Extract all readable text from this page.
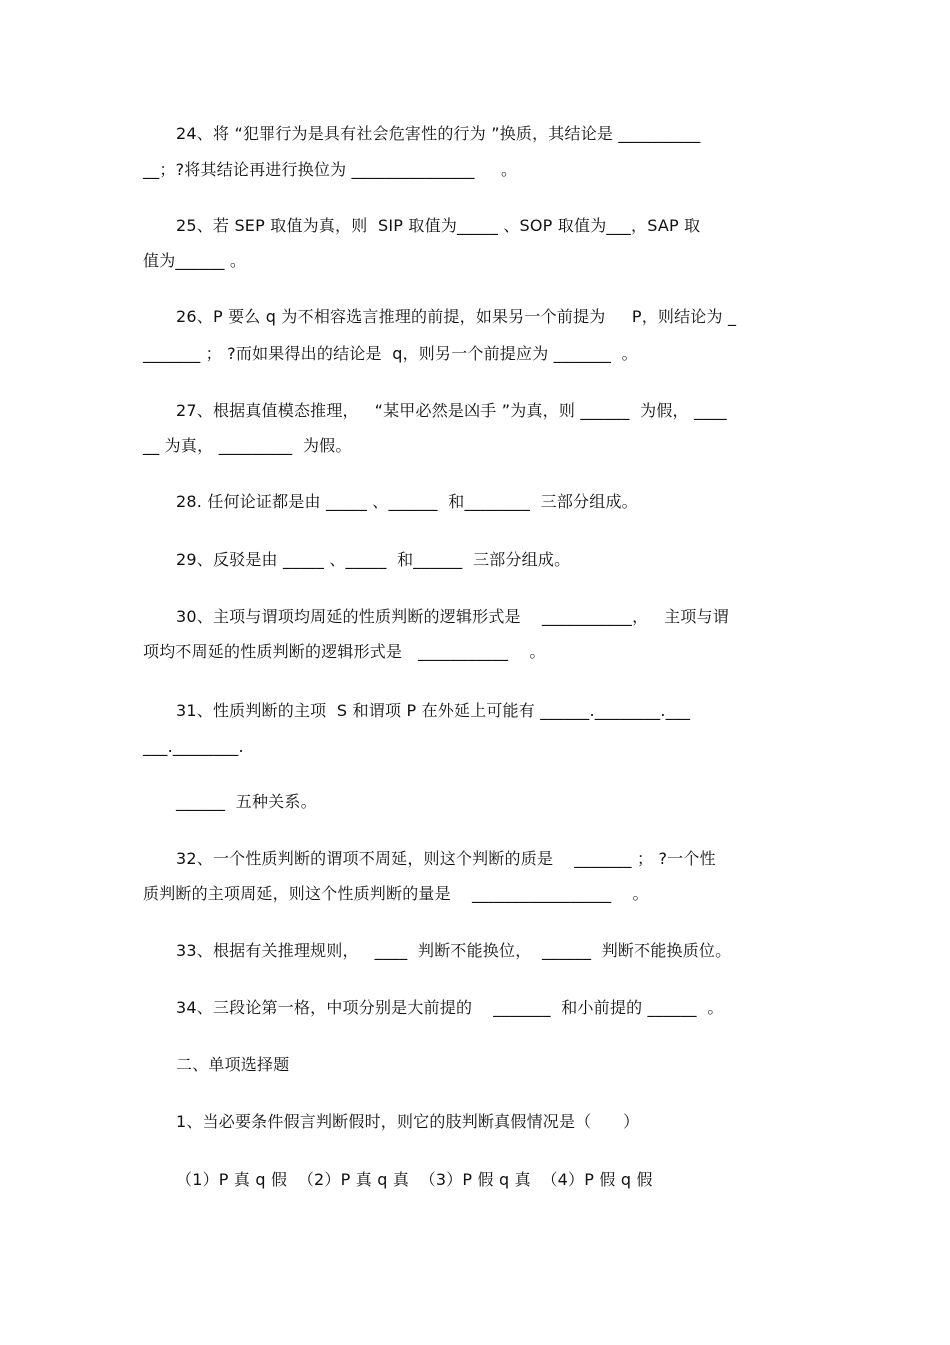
24、将 “犯罪行为是具有社会危害性的行为 ”换质，其结论是 __________
__；?将其结论再进行换位为 _______________     。
25、若 SEP 取值为真，则  SIP 取值为_____ 、SOP 取值为___，SAP 取
值为______ 。
26、P 要么 q 为不相容选言推理的前提，如果另一个前提为     P，则结论为 _
_______ ； ?而如果得出的结论是  q，则另一个前提应为 _______  。
27、根据真值模态推理，   “某甲必然是凶手 ”为真，则 ______  为假， ____
__ 为真， _________  为假。
28. 任何论证都是由 _____ 、______  和________  三部分组成。
29、反驳是由 _____ 、_____  和______  三部分组成。
30、主项与谓项均周延的性质判断的逻辑形式是    ___________，   主项与谓
项均不周延的性质判断的逻辑形式是   ___________    。
31、性质判断的主项  S 和谓项 P 在外延上可能有 ______.________.___
___.________.
______  五种关系。
32、一个性质判断的谓项不周延，则这个判断的质是    _______ ； ?一个性
质判断的主项周延，则这个性质判断的量是    _________________    。
33、根据有关推理规则，   ____  判断不能换位，  ______  判断不能换质位。
34、三段论第一格，中项分别是大前提的    _______  和小前提的 ______  。
二、单项选择题
1、当必要条件假言判断假时，则它的肢判断真假情况是（      ）
（1）P 真 q 假  （2）P 真 q 真  （3）P 假 q 真  （4）P 假 q 假
